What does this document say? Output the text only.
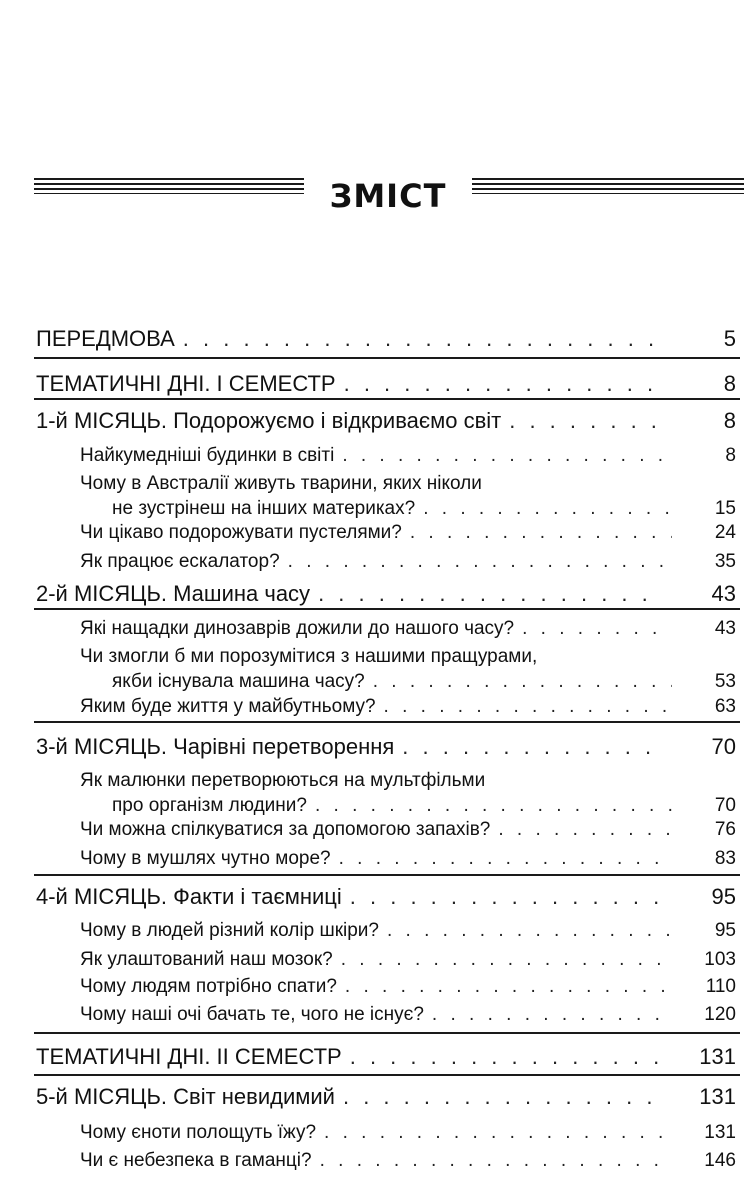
ЗМІСТ
ПЕРЕДМОВА . . .	5
ТЕМАТИЧНІ ДНІ. І СЕМЕСТР . . .	8
1-й МІСЯЦЬ. Подорожуємо і відкриваємо світ . . .	8
Найкумедніші будинки в світі . . .	8
Чому в Австралії живуть тварини, яких ніколи
не зустрінеш на інших материках? . . .	15
Чи цікаво подорожувати пустелями? . . .	24
Як працює ескалатор? . . .	35
2-й МІСЯЦЬ. Машина часу . . .	43
Які нащадки динозаврів дожили до нашого часу? . . .	43
Чи змогли б ми порозумітися з нашими пращурами,
якби існувала машина часу? . . .	53
Яким буде життя у майбутньому? . . .	63
3-й МІСЯЦЬ. Чарівні перетворення . . .	70
Як малюнки перетворюються на мультфільми
про організм людини? . . .	70
Чи можна спілкуватися за допомогою запахів? . . .	76
Чому в мушлях чутно море? . . .	83
4-й МІСЯЦЬ. Факти і таємниці . . .	95
Чому в людей різний колір шкіри? . . .	95
Як улаштований наш мозок? . . .	103
Чому людям потрібно спати? . . .	110
Чому наші очі бачать те, чого не існує? . . .	120
ТЕМАТИЧНІ ДНІ. ІІ СЕМЕСТР . . .	131
5-й МІСЯЦЬ. Світ невидимий . . .	131
Чому єноти полощуть їжу? . . .	131
Чи є небезпека в гаманці? . . .	146
